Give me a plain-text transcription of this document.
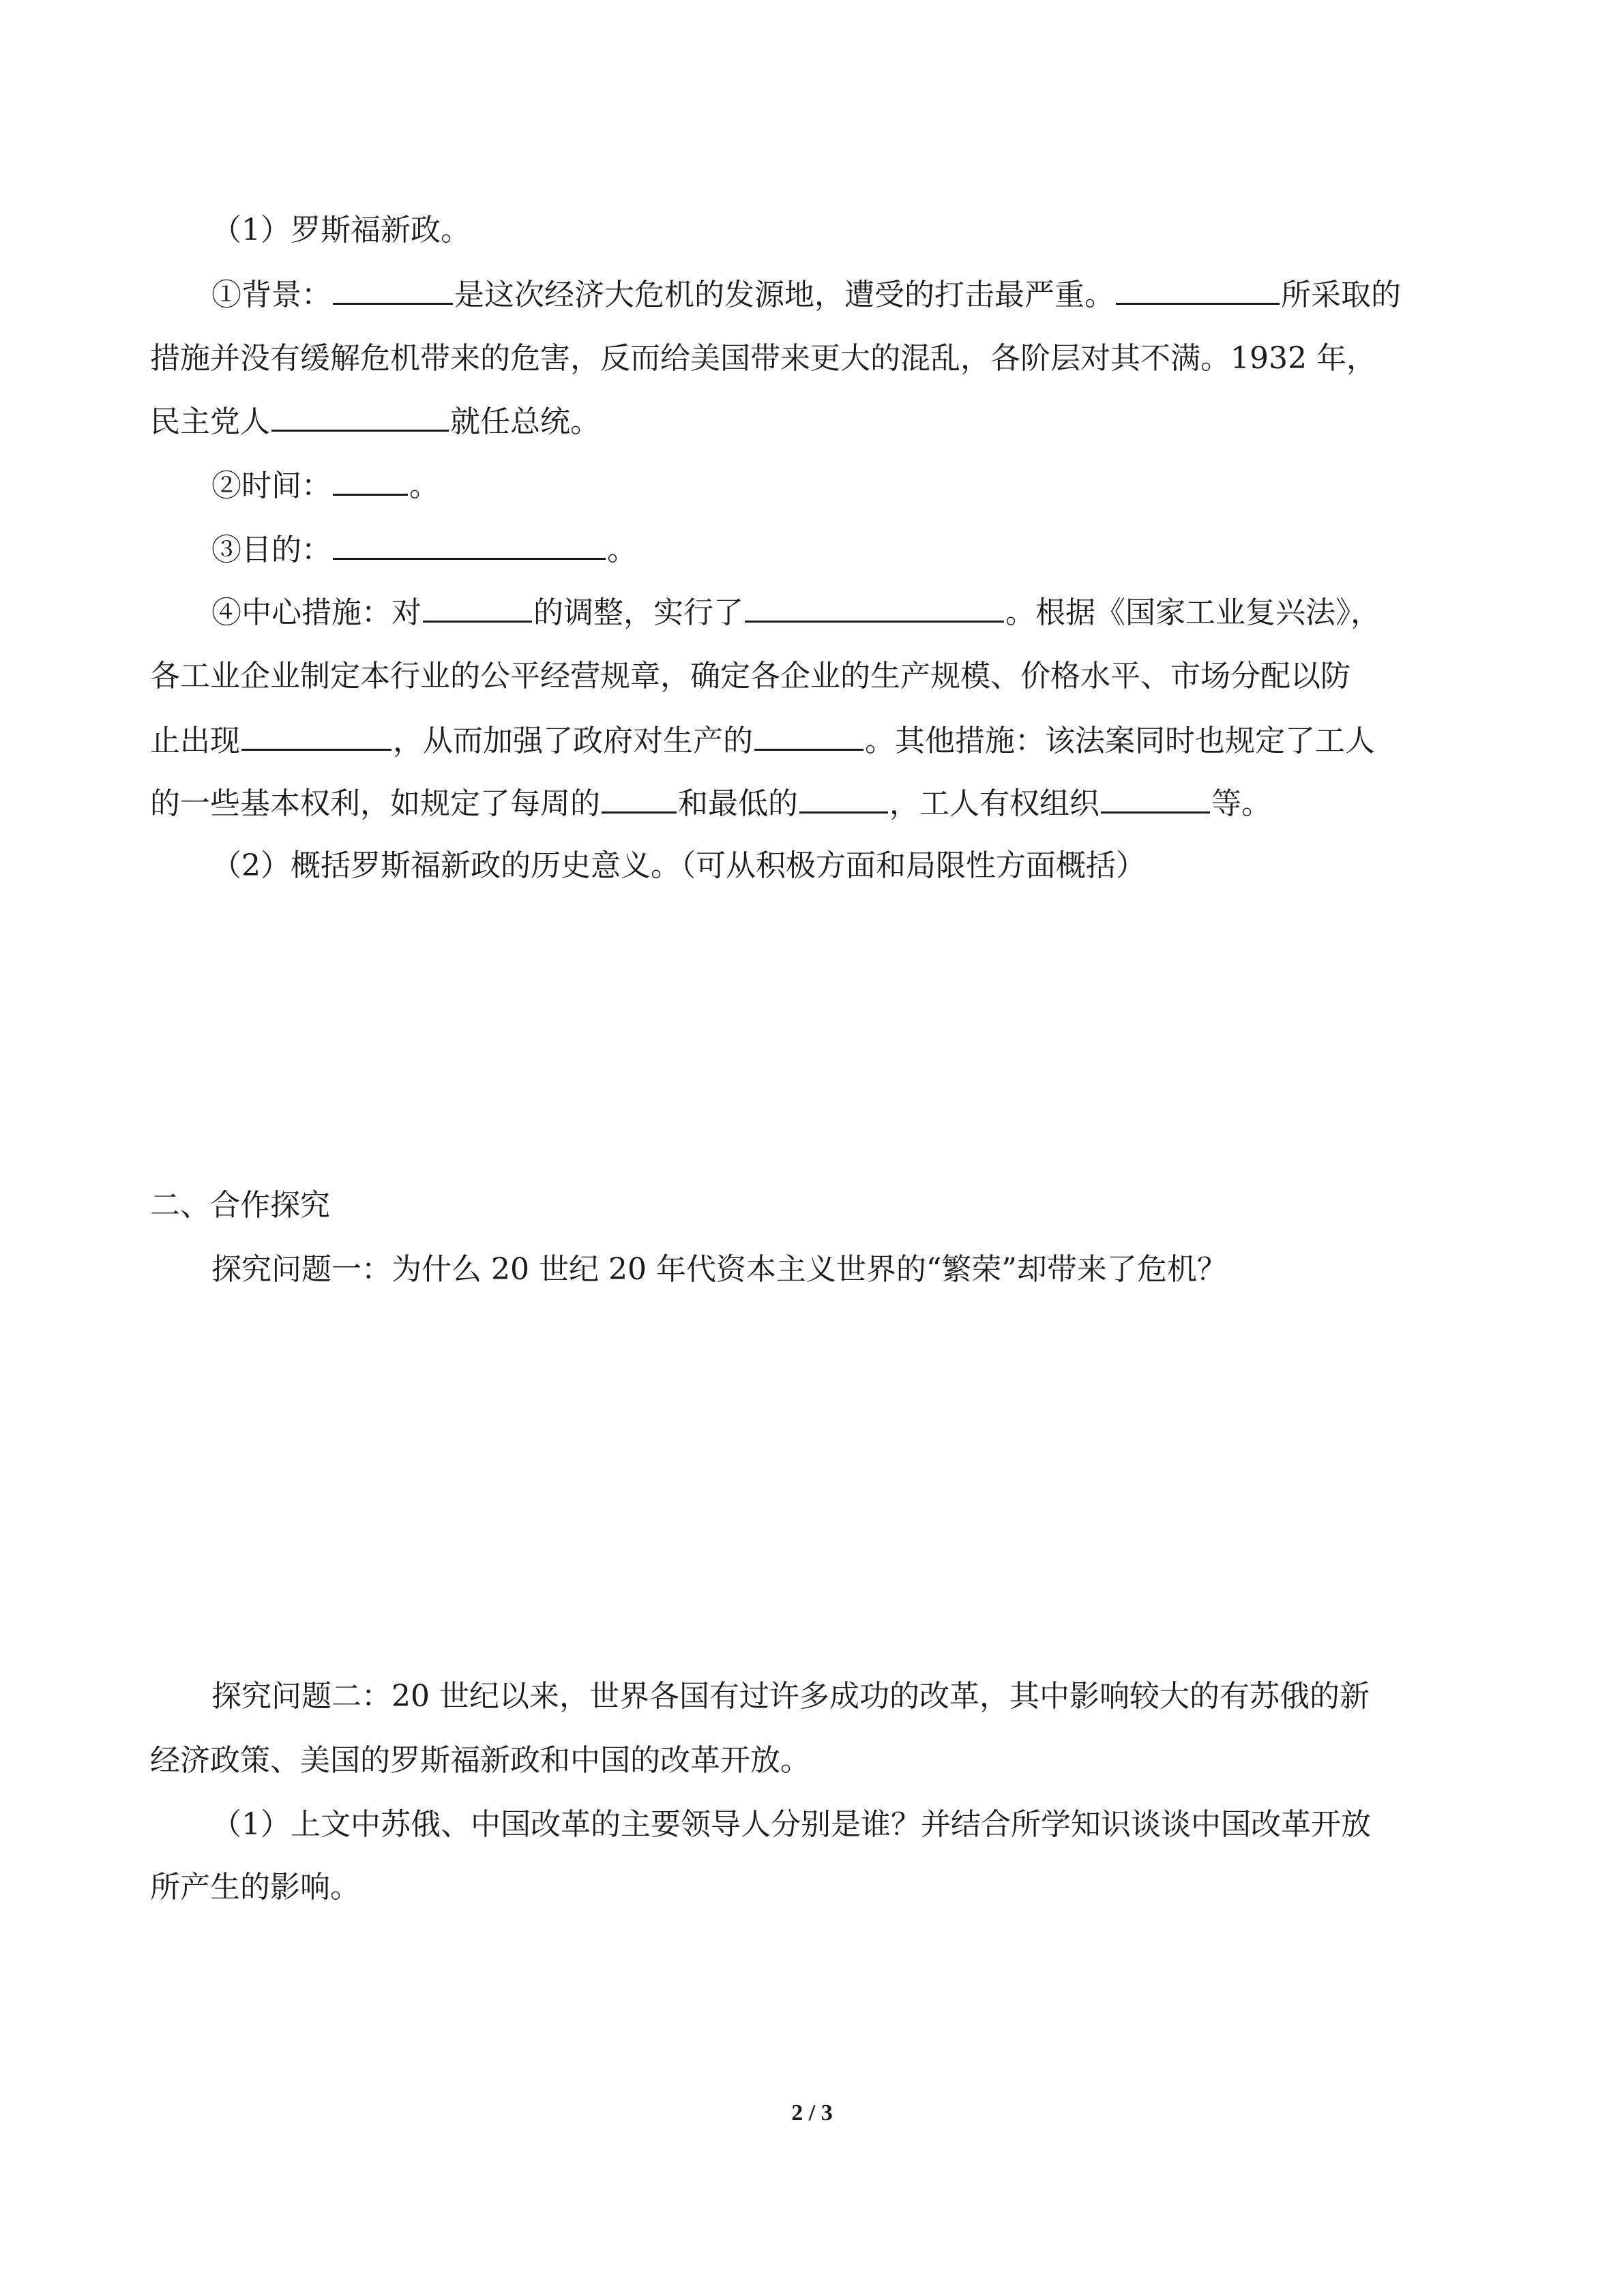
（1）罗斯福新政。
①背景：	是这次经济大危机的发源地，遭受的打击最严重。	所采取的
措施并没有缓解危机带来的危害，反而给美国带来更大的混乱，各阶层对其不满。1932 年，
民主党人	就任总统。
②时间：	。
③目的：	。
④中心措施：对	的调整，实行了	。根据《国家工业复兴法》，
各工业企业制定本行业的公平经营规章，确定各企业的生产规模、价格水平、市场分配以防
止出现	，从而加强了政府对生产的	。其他措施：该法案同时也规定了工人
的一些基本权利，如规定了每周的	和最低的	，工人有权组织	等。
（2）概括罗斯福新政的历史意义。（可从积极方面和局限性方面概括）
二、合作探究
探究问题一：为什么 20 世纪 20 年代资本主义世界的“繁荣”却带来了危机？
探究问题二：20 世纪以来，世界各国有过许多成功的改革，其中影响较大的有苏俄的新
经济政策、美国的罗斯福新政和中国的改革开放。
（1）上文中苏俄、中国改革的主要领导人分别是谁？并结合所学知识谈谈中国改革开放
所产生的影响。
2 / 3
